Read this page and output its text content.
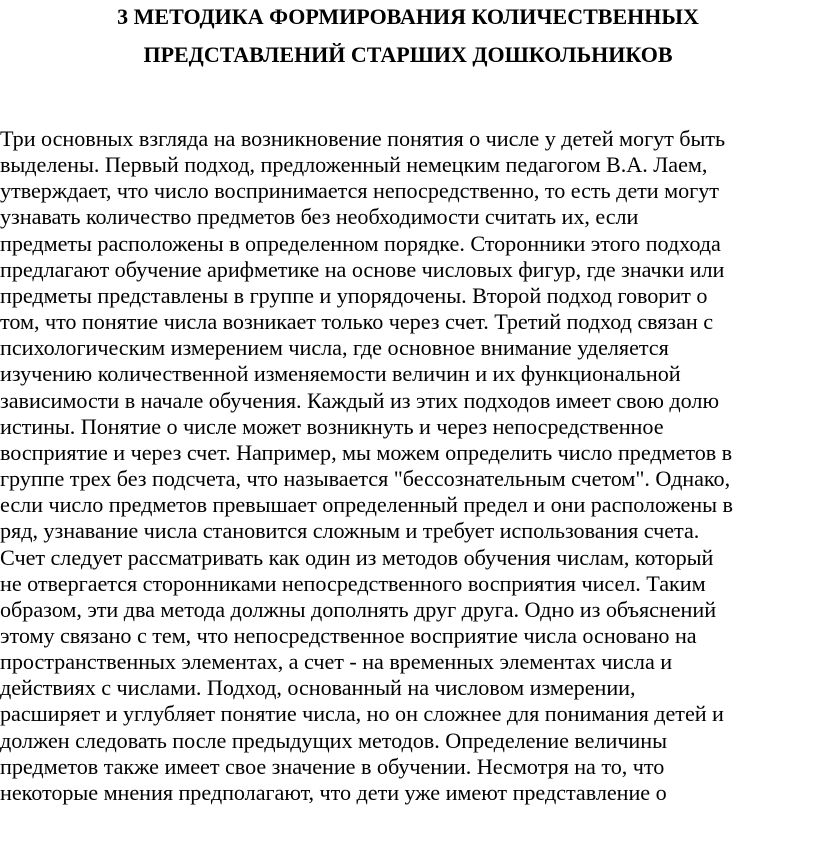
3 МЕТОДИКА ФОРМИРОВАНИЯ КОЛИЧЕСТВЕННЫХ
ПРЕДСТАВЛЕНИЙ СТАРШИХ ДОШКОЛЬНИКОВ

Три основных взгляда на возникновение понятия о числе у детей могут быть
выделены. Первый подход, предложенный немецким педагогом В.А. Лаем,
утверждает, что число воспринимается непосредственно, то есть дети могут
узнавать количество предметов без необходимости считать их, если
предметы расположены в определенном порядке. Сторонники этого подхода
предлагают обучение арифметике на основе числовых фигур, где значки или
предметы представлены в группе и упорядочены. Второй подход говорит о
том, что понятие числа возникает только через счет. Третий подход связан с
психологическим измерением числа, где основное внимание уделяется
изучению количественной изменяемости величин и их функциональной
зависимости в начале обучения. Каждый из этих подходов имеет свою долю
истины. Понятие о числе может возникнуть и через непосредственное
восприятие и через счет. Например, мы можем определить число предметов в
группе трех без подсчета, что называется "бессознательным счетом". Однако,
если число предметов превышает определенный предел и они расположены в
ряд, узнавание числа становится сложным и требует использования счета.
Счет следует рассматривать как один из методов обучения числам, который
не отвергается сторонниками непосредственного восприятия чисел. Таким
образом, эти два метода должны дополнять друг друга. Одно из объяснений
этому связано с тем, что непосредственное восприятие числа основано на
пространственных элементах, а счет - на временных элементах числа и
действиях с числами. Подход, основанный на числовом измерении,
расширяет и углубляет понятие числа, но он сложнее для понимания детей и
должен следовать после предыдущих методов. Определение величины
предметов также имеет свое значение в обучении. Несмотря на то, что
некоторые мнения предполагают, что дети уже имеют представление о
